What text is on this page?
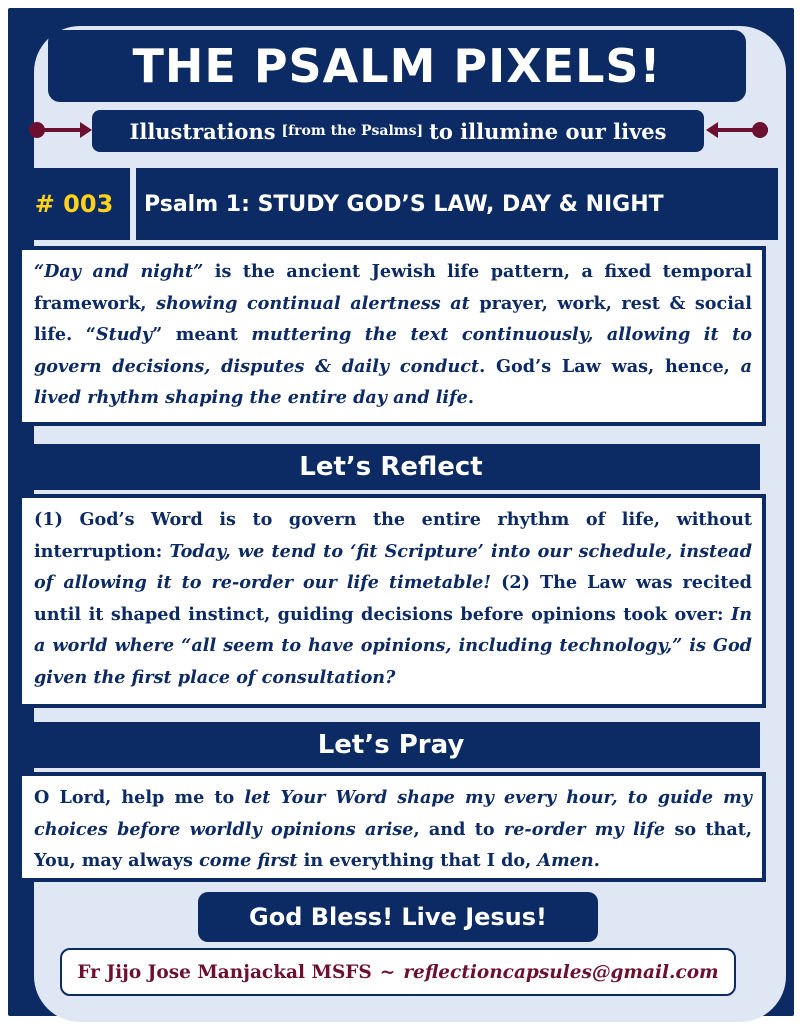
THE PSALM PIXELS!
Illustrations [from the Psalms] to illumine our lives
# 003	Psalm 1: STUDY GOD’S LAW, DAY & NIGHT
“Day and night” is the ancient Jewish life pattern, a fixed temporal framework, showing continual alertness at prayer, work, rest & social life. “Study” meant muttering the text continuously, allowing it to govern decisions, disputes & daily conduct. God’s Law was, hence, a lived rhythm shaping the entire day and life.
Let’s Reflect
(1) God’s Word is to govern the entire rhythm of life, without interruption: Today, we tend to ‘fit Scripture’ into our schedule, instead of allowing it to re-order our life timetable! (2) The Law was recited until it shaped instinct, guiding decisions before opinions took over: In a world where “all seem to have opinions, including technology,” is God given the first place of consultation?
Let’s Pray
O Lord, help me to let Your Word shape my every hour, to guide my choices before worldly opinions arise, and to re-order my life so that, You, may always come first in everything that I do, Amen.
God Bless! Live Jesus!
Fr Jijo Jose Manjackal MSFS ~ reflectioncapsules@gmail.com
